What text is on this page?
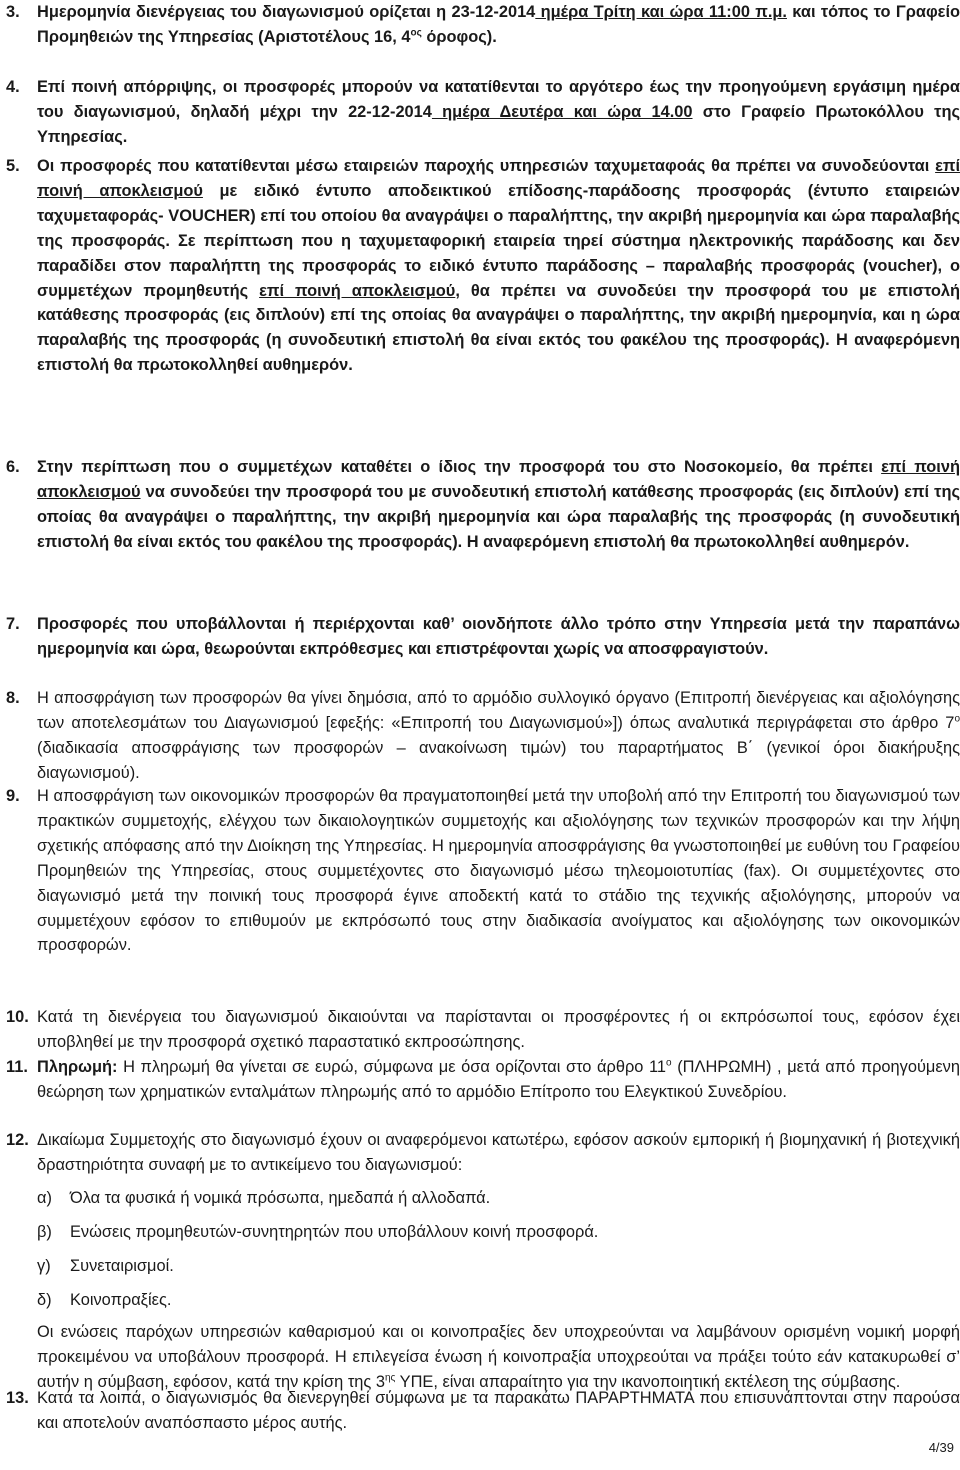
3. Ημερομηνία διενέργειας του διαγωνισμού ορίζεται η 23-12-2014 ημέρα Τρίτη και ώρα 11:00 π.μ. και τόπος το Γραφείο Προμηθειών της Υπηρεσίας (Αριστοτέλους 16, $4^{o\varsigma}$ όροφος).
4. Επί ποινή απόρριψης, οι προσφορές μπορούν να κατατίθενται το αργότερο έως την προηγούμενη εργάσιμη ημέρα του διαγωνισμού, δηλαδή μέχρι την 22-12-2014 ημέρα Δευτέρα και ώρα 14.00 στο Γραφείο Πρωτοκόλλου της Υπηρεσίας.
5. Οι προσφορές που κατατίθενται μέσω εταιρειών παροχής υπηρεσιών ταχυμεταφοάς θα πρέπει να συνοδεύονται επί ποινή αποκλεισμού με ειδικό έντυπο αποδεικτικού επίδοσης-παράδοσης προσφοράς (έντυπο εταιρειών ταχυμεταφοράς- VOUCHER) επί του οποίου θα αναγράψει ο παραλήπτης, την ακριβή ημερομηνία και ώρα παραλαβής της προσφοράς. Σε περίπτωση που η ταχυμεταφορική εταιρεία τηρεί σύστημα ηλεκτρονικής παράδοσης και δεν παραδίδει στον παραλήπτη της προσφοράς το ειδικό έντυπο παράδοσης – παραλαβής προσφοράς (voucher), ο συμμετέχων προμηθευτής επί ποινή αποκλεισμού, θα πρέπει να συνοδεύει την προσφορά του με επιστολή κατάθεσης προσφοράς (εις διπλούν) επί της οποίας θα αναγράψει ο παραλήπτης, την ακριβή ημερομηνία, και η ώρα παραλαβής της προσφοράς (η συνοδευτική επιστολή θα είναι εκτός του φακέλου της προσφοράς). Η αναφερόμενη επιστολή θα πρωτοκολληθεί αυθημερόν.
6. Στην περίπτωση που ο συμμετέχων καταθέτει ο ίδιος την προσφορά του στο Νοσοκομείο, θα πρέπει επί ποινή αποκλεισμού να συνοδεύει την προσφορά του με συνοδευτική επιστολή κατάθεσης προσφοράς (εις διπλούν) επί της οποίας θα αναγράψει ο παραλήπτης, την ακριβή ημερομηνία και ώρα παραλαβής της προσφοράς (η συνοδευτική επιστολή θα είναι εκτός του φακέλου της προσφοράς). Η αναφερόμενη επιστολή θα πρωτοκολληθεί αυθημερόν.
7. Προσφορές που υποβάλλονται ή περιέρχονται καθ’ οιονδήποτε άλλο τρόπο στην Υπηρεσία μετά την παραπάνω ημερομηνία και ώρα, θεωρούνται εκπρόθεσμες και επιστρέφονται χωρίς να αποσφραγιστούν.
8. Η αποσφράγιση των προσφορών θα γίνει δημόσια, από το αρμόδιο συλλογικό όργανο (Επιτροπή διενέργειας και αξιολόγησης των αποτελεσμάτων του Διαγωνισμού [εφεξής: «Επιτροπή του Διαγωνισμού»]) όπως αναλυτικά περιγράφεται στο άρθρο $7^o$ (διαδικασία αποσφράγισης των προσφορών – ανακοίνωση τιμών) του παραρτήματος Β΄ (γενικοί όροι διακήρυξης διαγωνισμού).
9. Η αποσφράγιση των οικονομικών προσφορών θα πραγματοποιηθεί μετά την υποβολή από την Επιτροπή του διαγωνισμού των πρακτικών συμμετοχής, ελέγχου των δικαιολογητικών συμμετοχής και αξιολόγησης των τεχνικών προσφορών και την λήψη σχετικής απόφασης από την Διοίκηση της Υπηρεσίας. Η ημερομηνία αποσφράγισης θα γνωστοποιηθεί με ευθύνη του Γραφείου Προμηθειών της Υπηρεσίας, στους συμμετέχοντες στο διαγωνισμό μέσω τηλεομοιοτυπίας (fax). Οι συμμετέχοντες στο διαγωνισμό μετά την ποινική τους προσφορά έγινε αποδεκτή κατά το στάδιο της τεχνικής αξιολόγησης, μπορούν να συμμετέχουν εφόσον το επιθυμούν με εκπρόσωπό τους στην διαδικασία ανοίγματος και αξιολόγησης των οικονομικών προσφορών.
10. Κατά τη διενέργεια του διαγωνισμού δικαιούνται να παρίστανται οι προσφέροντες ή οι εκπρόσωποί τους, εφόσον έχει υποβληθεί με την προσφορά σχετικό παραστατικό εκπροσώπησης.
11. Πληρωμή: Η πληρωμή θα γίνεται σε ευρώ, σύμφωνα με όσα ορίζονται στο άρθρο $11^o$ (ΠΛΗΡΩΜΗ) , μετά από προηγούμενη θεώρηση των χρηματικών ενταλμάτων πληρωμής από το αρμόδιο Επίτροπο του Ελεγκτικού Συνεδρίου.
12. Δικαίωμα Συμμετοχής στο διαγωνισμό έχουν οι αναφερόμενοι κατωτέρω, εφόσον ασκούν εμπορική ή βιομηχανική ή βιοτεχνική δραστηριότητα συναφή με το αντικείμενο του διαγωνισμού:
α) Όλα τα φυσικά ή νομικά πρόσωπα, ημεδαπά ή αλλοδαπά.
β) Ενώσεις προμηθευτών-συνητηρητών που υποβάλλουν κοινή προσφορά.
γ) Συνεταιρισμοί.
δ) Κοινοπραξίες.
Οι ενώσεις παρόχων υπηρεσιών καθαρισμού και οι κοινοπραξίες δεν υποχρεούνται να λαμβάνουν ορισμένη νομική μορφή προκειμένου να υποβάλουν προσφορά. Η επιλεγείσα ένωση ή κοινοπραξία υποχρεούται να πράξει τούτο εάν κατακυρωθεί σ’ αυτήν η σύμβαση, εφόσον, κατά την κρίση της $3^{\eta\varsigma}$ ΥΠΕ, είναι απαραίτητο για την ικανοποιητική εκτέλεση της σύμβασης.
13. Κατά τα λοιπά, ο διαγωνισμός θα διενεργηθεί σύμφωνα με τα παρακάτω ΠΑΡΑΡΤΗΜΑΤΑ που επισυνάπτονται στην παρούσα και αποτελούν αναπόσπαστο μέρος αυτής.
4/39
